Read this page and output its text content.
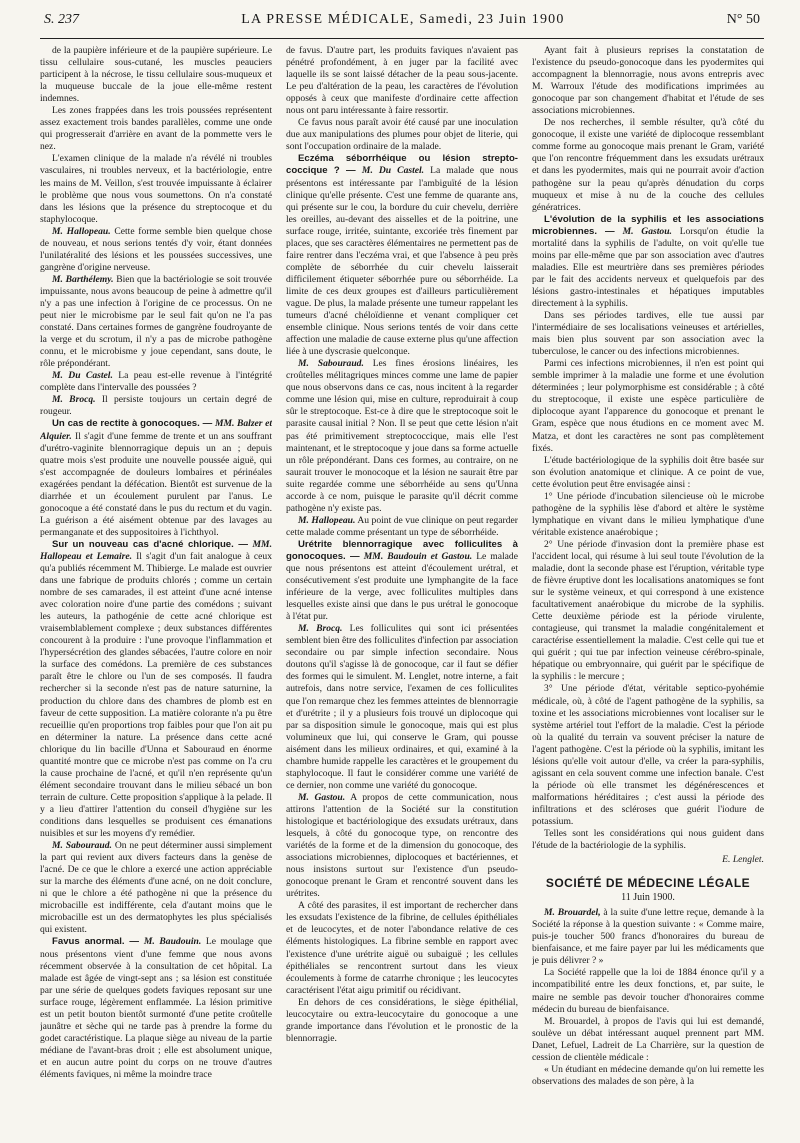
S. 237	LA PRESSE MÉDICALE, Samedi, 23 Juin 1900	N° 50

de la paupière inférieure et de la paupière supérieure. Le tissu cellulaire sous-cutané, les muscles peauciers participent à la nécrose, le tissu cellulaire sous-muqueux et la muqueuse buccale de la joue elle-même restent indemnes.

Les zones frappées dans les trois poussées représentent assez exactement trois bandes parallèles, comme une onde qui progresserait d'arrière en avant de la pommette vers le nez.

L'examen clinique de la malade n'a révélé ni troubles vasculaires, ni troubles nerveux, et la bactériologie, entre les mains de M. Veillon, s'est trouvée impuissante à éclairer le problème que nous vous soumettons. On n'a constaté dans les lésions que la présence du streptocoque et du staphylocoque.

M. Hallopeau. Cette forme semble bien quelque chose de nouveau, et nous serions tentés d'y voir, étant données l'unilatéralité des lésions et les poussées successives, une gangrène d'origine nerveuse.

M. Barthélemy. Bien que la bactériologie se soit trouvée impuissante, nous avons beaucoup de peine à admettre qu'il n'y a pas une infection à l'origine de ce processus. On ne peut nier le microbisme par le seul fait qu'on ne l'a pas constaté. Dans certaines formes de gangrène foudroyante de la verge et du scrotum, il n'y a pas de microbe pathogène connu, et le microbisme y joue cependant, sans doute, le rôle prépondérant.

M. Du Castel. La peau est-elle revenue à l'intégrité complète dans l'intervalle des poussées ?

M. Brocq. Il persiste toujours un certain degré de rougeur.

Un cas de rectite à gonocoques. — MM. Balzer et Alquier. Il s'agit d'une femme de trente et un ans souffrant d'urétro-vaginite blennorragique depuis un an ; depuis quatre mois s'est produite une nouvelle poussée aiguë, qui s'est accompagnée de douleurs lombaires et périnéales exagérées pendant la défécation. Bientôt est survenue de la diarrhée et un écoulement purulent par l'anus. Le gonocoque a été constaté dans le pus du rectum et du vagin. La guérison a été aisément obtenue par des lavages au permanganate et des suppositoires à l'ichthyol.

Sur un nouveau cas d'acné chlorique. — MM. Hallopeau et Lemaire. Il s'agit d'un fait analogue à ceux qu'a publiés récemment M. Thibierge. Le malade est ouvrier dans une fabrique de produits chlorés ; comme un certain nombre de ses camarades, il est atteint d'une acné intense avec coloration noire d'une partie des comédons ; suivant les auteurs, la pathogénie de cette acné chlorique est vraisemblablement complexe ; deux substances différentes concourent à la produire : l'une provoque l'inflammation et l'hypersécrétion des glandes sébacées, l'autre colore en noir la surface des comédons. La première de ces substances paraît être le chlore ou l'un de ses composés. Il faudra rechercher si la seconde n'est pas de nature saturnine, la production du chlore dans des chambres de plomb est en faveur de cette supposition. La matière colorante n'a pu être recueillie qu'en proportions trop faibles pour que l'on ait pu en déterminer la nature. La présence dans cette acné chlorique du lin bacille d'Unna et Sabouraud en énorme quantité montre que ce microbe n'est pas comme on l'a cru la cause prochaine de l'acné, et qu'il n'en représente qu'un élément secondaire trouvant dans le milieu sébacé un bon terrain de culture. Cette proposition s'applique à la pelade. Il y a lieu d'attirer l'attention du conseil d'hygiène sur les conditions dans lesquelles se produisent ces émanations nuisibles et sur les moyens d'y remédier.

M. Sabouraud. On ne peut déterminer aussi simplement la part qui revient aux divers facteurs dans la genèse de l'acné. De ce que le chlore a exercé une action appréciable sur la marche des éléments d'une acné, on ne doit conclure, ni que le chlore a été pathogène ni que la présence du microbacille est indifférente, cela d'autant moins que le microbacille est un des dermatophytes les plus spécialisés qui existent.

Favus anormal. — M. Baudouin. Le moulage que nous présentons vient d'une femme que nous avons récemment observée à la consultation de cet hôpital. La malade est âgée de vingt-sept ans ; sa lésion est constituée par une série de quelques godets faviques reposant sur une surface rouge, légèrement enflammée. La lésion primitive est un petit bouton bientôt surmonté d'une petite croûtelle jaunâtre et sèche qui ne tarde pas à prendre la forme du godet caractéristique. La plaque siège au niveau de la partie médiane de l'avant-bras droit ; elle est absolument unique, et en aucun autre point du corps on ne trouve d'autres éléments faviques, ni même la moindre trace

de favus. D'autre part, les produits faviques n'avaient pas pénétré profondément, à en juger par la facilité avec laquelle ils se sont laissé détacher de la peau sous-jacente. Le peu d'altération de la peau, les caractères de l'évolution opposés à ceux que manifeste d'ordinaire cette affection nous ont paru intéressante à faire ressortir.

Ce favus nous paraît avoir été causé par une inoculation due aux manipulations des plumes pour objet de literie, qui sont l'occupation ordinaire de la malade.

Eczéma séborrhéique ou lésion strepto-coccique ? — M. Du Castel. La malade que nous présentons est intéressante par l'ambiguïté de la lésion clinique qu'elle présente. C'est une femme de quarante ans, qui présente sur le cou, la bordure du cuir chevelu, derrière les oreilles, au-devant des aisselles et de la poitrine, une surface rouge, irritée, suintante, excoriée très finement par places, que ses caractères élémentaires ne permettent pas de faire rentrer dans l'eczéma vrai, et que l'absence à peu près complète de séborrhée du cuir chevelu laisserait difficilement étiqueter séborrhée pure ou séborrhéide. La limite de ces deux groupes est d'ailleurs particulièrement vague. De plus, la malade présente une tumeur rappelant les tumeurs d'acné chéloïdienne et venant compliquer cet ensemble clinique. Nous serions tentés de voir dans cette affection une maladie de cause externe plus qu'une affection liée à une dyscrasie quelconque.

M. Sabouraud. Les fines érosions linéaires, les croûtelles mélitagriques minces comme une lame de papier que nous observons dans ce cas, nous incitent à la regarder comme une lésion qui, mise en culture, reproduirait à coup sûr le streptocoque. Est-ce à dire que le streptocoque soit le parasite causal initial ? Non. Il se peut que cette lésion n'ait pas été primitivement streptococcique, mais elle l'est maintenant, et le streptocoque y joue dans sa forme actuelle un rôle prépondérant. Dans ces formes, au contraire, on ne saurait trouver le monocoque et la lésion ne saurait être par suite regardée comme une séborrhéide au sens qu'Unna accorde à ce nom, puisque le parasite qu'il décrit comme pathogène n'y existe pas.

M. Hallopeau. Au point de vue clinique on peut regarder cette malade comme présentant un type de séborrhéide.

Urétrite blennorragique avec folliculites à gonocoques. — MM. Baudouin et Gastou. Le malade que nous présentons est atteint d'écoulement urétral, et consécutivement s'est produite une lymphangite de la face inférieure de la verge, avec folliculites multiples dans lesquelles existe ainsi que dans le pus urétral le gonocoque à l'état pur.

M. Brocq. Les folliculites qui sont ici présentées semblent bien être des folliculites d'infection par association secondaire ou par simple infection secondaire. Nous doutons qu'il s'agisse là de gonocoque, car il faut se défier des formes qui le simulent. M. Lenglet, notre interne, a fait autrefois, dans notre service, l'examen de ces folliculites que l'on remarque chez les femmes atteintes de blennorragie et d'urétrite ; il y a plusieurs fois trouvé un diplocoque qui par sa disposition simule le gonocoque, mais qui est plus volumineux que lui, qui conserve le Gram, qui pousse aisément dans les milieux ordinaires, et qui, examiné à la chambre humide rappelle les caractères et le groupement du staphylocoque. Il faut le considérer comme une variété de ce dernier, non comme une variété du gonocoque.

M. Gastou. A propos de cette communication, nous attirons l'attention de la Société sur la constitution histologique et bactériologique des exsudats urétraux, dans lesquels, à côté du gonocoque type, on rencontre des variétés de la forme et de la dimension du gonocoque, des associations microbiennes, diplocoques et bactériennes, et nous insistons surtout sur l'existence d'un pseudo-gonocoque prenant le Gram et rencontré souvent dans les urétrites.

A côté des parasites, il est important de rechercher dans les exsudats l'existence de la fibrine, de cellules épithéliales et de leucocytes, et de noter l'abondance relative de ces éléments histologiques. La fibrine semble en rapport avec l'existence d'une urétrite aiguë ou subaiguë ; les cellules épithéliales se rencontrent surtout dans les vieux écoulements à forme de catarrhe chronique ; les leucocytes caractérisent l'état aigu primitif ou récidivant.

En dehors de ces considérations, le siège épithélial, leucocytaire ou extra-leucocytaire du gonocoque a une grande importance dans l'évolution et le pronostic de la blennorragie.

Ayant fait à plusieurs reprises la constatation de l'existence du pseudo-gonocoque dans les pyodermites qui accompagnent la blennorragie, nous avons entrepris avec M. Warroux l'étude des modifications imprimées au gonocoque par son changement d'habitat et l'étude de ses associations microbiennes.

De nos recherches, il semble résulter, qu'à côté du gonocoque, il existe une variété de diplocoque ressemblant comme forme au gonocoque mais prenant le Gram, variété que l'on rencontre fréquemment dans les exsudats urétraux et dans les pyodermites, mais qui ne pourrait avoir d'action pathogène sur la peau qu'après dénudation du corps muqueux et mise à nu de la couche des cellules génératrices.

L'évolution de la syphilis et les associations microbiennes. — M. Gastou. Lorsqu'on étudie la mortalité dans la syphilis de l'adulte, on voit qu'elle tue moins par elle-même que par son association avec d'autres maladies. Elle est meurtrière dans ses premières périodes par le fait des accidents nerveux et quelquefois par des lésions gastro-intestinales et hépatiques imputables directement à la syphilis.

Dans ses périodes tardives, elle tue aussi par l'intermédiaire de ses localisations veineuses et artérielles, mais bien plus souvent par son association avec la tuberculose, le cancer ou des infections microbiennes.

Parmi ces infections microbiennes, il n'en est point qui semble imprimer à la maladie une forme et une évolution déterminées ; leur polymorphisme est considérable ; à côté du streptocoque, il existe une espèce particulière de diplocoque ayant l'apparence du gonocoque et prenant le Gram, espèce que nous étudions en ce moment avec M. Matza, et dont les caractères ne sont pas complètement fixés.

L'étude bactériologique de la syphilis doit être basée sur son évolution anatomique et clinique. A ce point de vue, cette évolution peut être envisagée ainsi :

1° Une période d'incubation silencieuse où le microbe pathogène de la syphilis lèse d'abord et altère le système lymphatique en vivant dans le milieu lymphatique d'une véritable existence anaérobique ;

2° Une période d'invasion dont la première phase est l'accident local, qui résume à lui seul toute l'évolution de la maladie, dont la seconde phase est l'éruption, véritable type de fièvre éruptive dont les localisations anatomiques se font sur le système veineux, et qui correspond à une existence facultativement anaérobique du microbe de la syphilis. Cette deuxième période est la période virulente, contagieuse, qui transmet la maladie congénitalement et caractérise essentiellement la maladie. C'est celle qui tue et qui guérit ; qui tue par infection veineuse cérébro-spinale, hépatique ou embryonnaire, qui guérit par le spécifique de la syphilis : le mercure ;

3° Une période d'état, véritable septico-pyohémie médicale, où, à côté de l'agent pathogène de la syphilis, sa toxine et les associations microbiennes vont localiser sur le système artériel tout l'effort de la maladie. C'est la période où la qualité du terrain va souvent préciser la nature de l'agent pathogène. C'est la période où la syphilis, imitant les lésions qu'elle voit autour d'elle, va créer la para-syphilis, agissant en cela souvent comme une infection banale. C'est la période où elle transmet les dégénérescences et malformations héréditaires ; c'est aussi la période des infiltrations et des scléroses que guérit l'iodure de potassium.

Telles sont les considérations qui nous guident dans l'étude de la bactériologie de la syphilis.

E. Lenglet.

SOCIÉTÉ DE MÉDECINE LÉGALE
11 Juin 1900.

M. Brouardel, à la suite d'une lettre reçue, demande à la Société la réponse à la question suivante : « Comme maire, puis-je toucher 500 francs d'honoraires du bureau de bienfaisance, et me faire payer par lui les médicaments que je puis délivrer ? »

La Société rappelle que la loi de 1884 énonce qu'il y a incompatibilité entre les deux fonctions, et, par suite, le maire ne semble pas devoir toucher d'honoraires comme médecin du bureau de bienfaisance.

M. Brouardel, à propos de l'avis qui lui est demandé, soulève un débat intéressant auquel prennent part MM. Danet, Lefuel, Ladreit de La Charrière, sur la question de cession de clientèle médicale :

« Un étudiant en médecine demande qu'on lui remette les observations des malades de son père, à la
